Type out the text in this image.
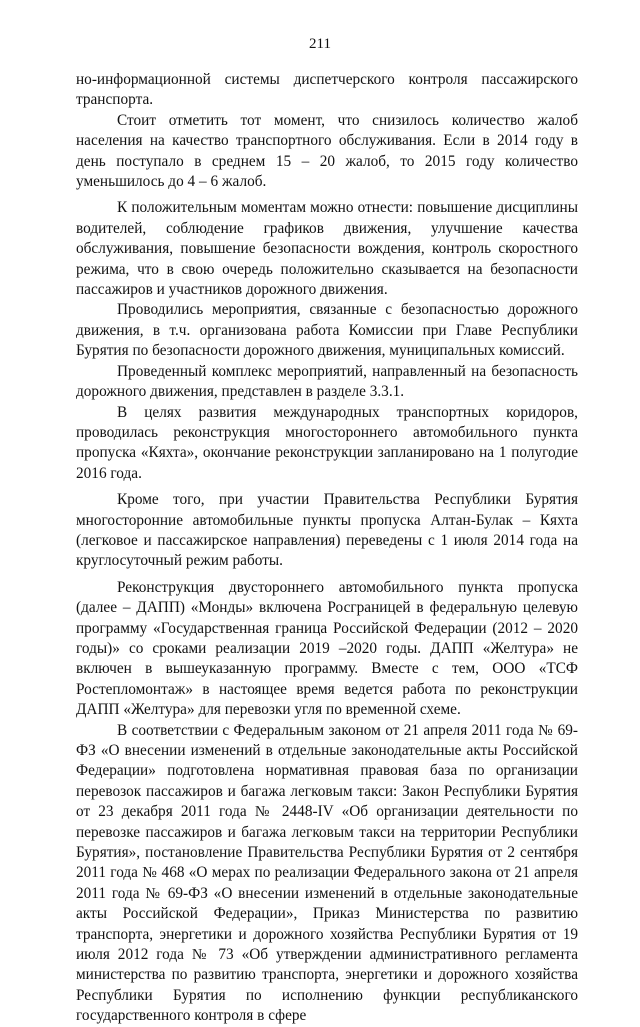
211

но-информационной системы диспетчерского контроля пассажирского транспорта.

Стоит отметить тот момент, что снизилось количество жалоб населения на качество транспортного обслуживания. Если в 2014 году в день поступало в среднем 15 – 20 жалоб, то 2015 году количество уменьшилось до 4 – 6 жалоб.

К положительным моментам можно отнести: повышение дисциплины водителей, соблюдение графиков движения, улучшение качества обслуживания, повышение безопасности вождения, контроль скоростного режима, что в свою очередь положительно сказывается на безопасности пассажиров и участников дорожного движения.

Проводились мероприятия, связанные с безопасностью дорожного движения, в т.ч. организована работа Комиссии при Главе Республики Бурятия по безопасности дорожного движения, муниципальных комиссий.

Проведенный комплекс мероприятий, направленный на безопасность дорожного движения, представлен в разделе 3.3.1.

В целях развития международных транспортных коридоров, проводилась реконструкция многостороннего автомобильного пункта пропуска «Кяхта», окончание реконструкции запланировано на 1 полугодие 2016 года.

Кроме того, при участии Правительства Республики Бурятия многосторонние автомобильные пункты пропуска Алтан-Булак – Кяхта (легковое и пассажирское направления) переведены с 1 июля 2014 года на круглосуточный режим работы.

Реконструкция двустороннего автомобильного пункта пропуска (далее – ДАПП) «Монды» включена Росграницей в федеральную целевую программу «Государственная граница Российской Федерации (2012 – 2020 годы)» со сроками реализации 2019 –2020 годы. ДАПП «Желтура» не включен в вышеуказанную программу. Вместе с тем, ООО «ТСФ Ростепломонтаж» в настоящее время ведется работа по реконструкции ДАПП «Желтура» для перевозки угля по временной схеме.

В соответствии с Федеральным законом от 21 апреля 2011 года № 69-ФЗ «О внесении изменений в отдельные законодательные акты Российской Федерации» подготовлена нормативная правовая база по организации перевозок пассажиров и багажа легковым такси: Закон Республики Бурятия от 23 декабря 2011 года № 2448-IV «Об организации деятельности по перевозке пассажиров и багажа легковым такси на территории Республики Бурятия», постановление Правительства Республики Бурятия от 2 сентября 2011 года № 468 «О мерах по реализации Федерального закона от 21 апреля 2011 года № 69-ФЗ «О внесении изменений в отдельные законодательные акты Российской Федерации», Приказ Министерства по развитию транспорта, энергетики и дорожного хозяйства Республики Бурятия от 19 июля 2012 года № 73 «Об утверждении административного регламента министерства по развитию транспорта, энергетики и дорожного хозяйства Республики Бурятия по исполнению функции республиканского государственного контроля в сфере
